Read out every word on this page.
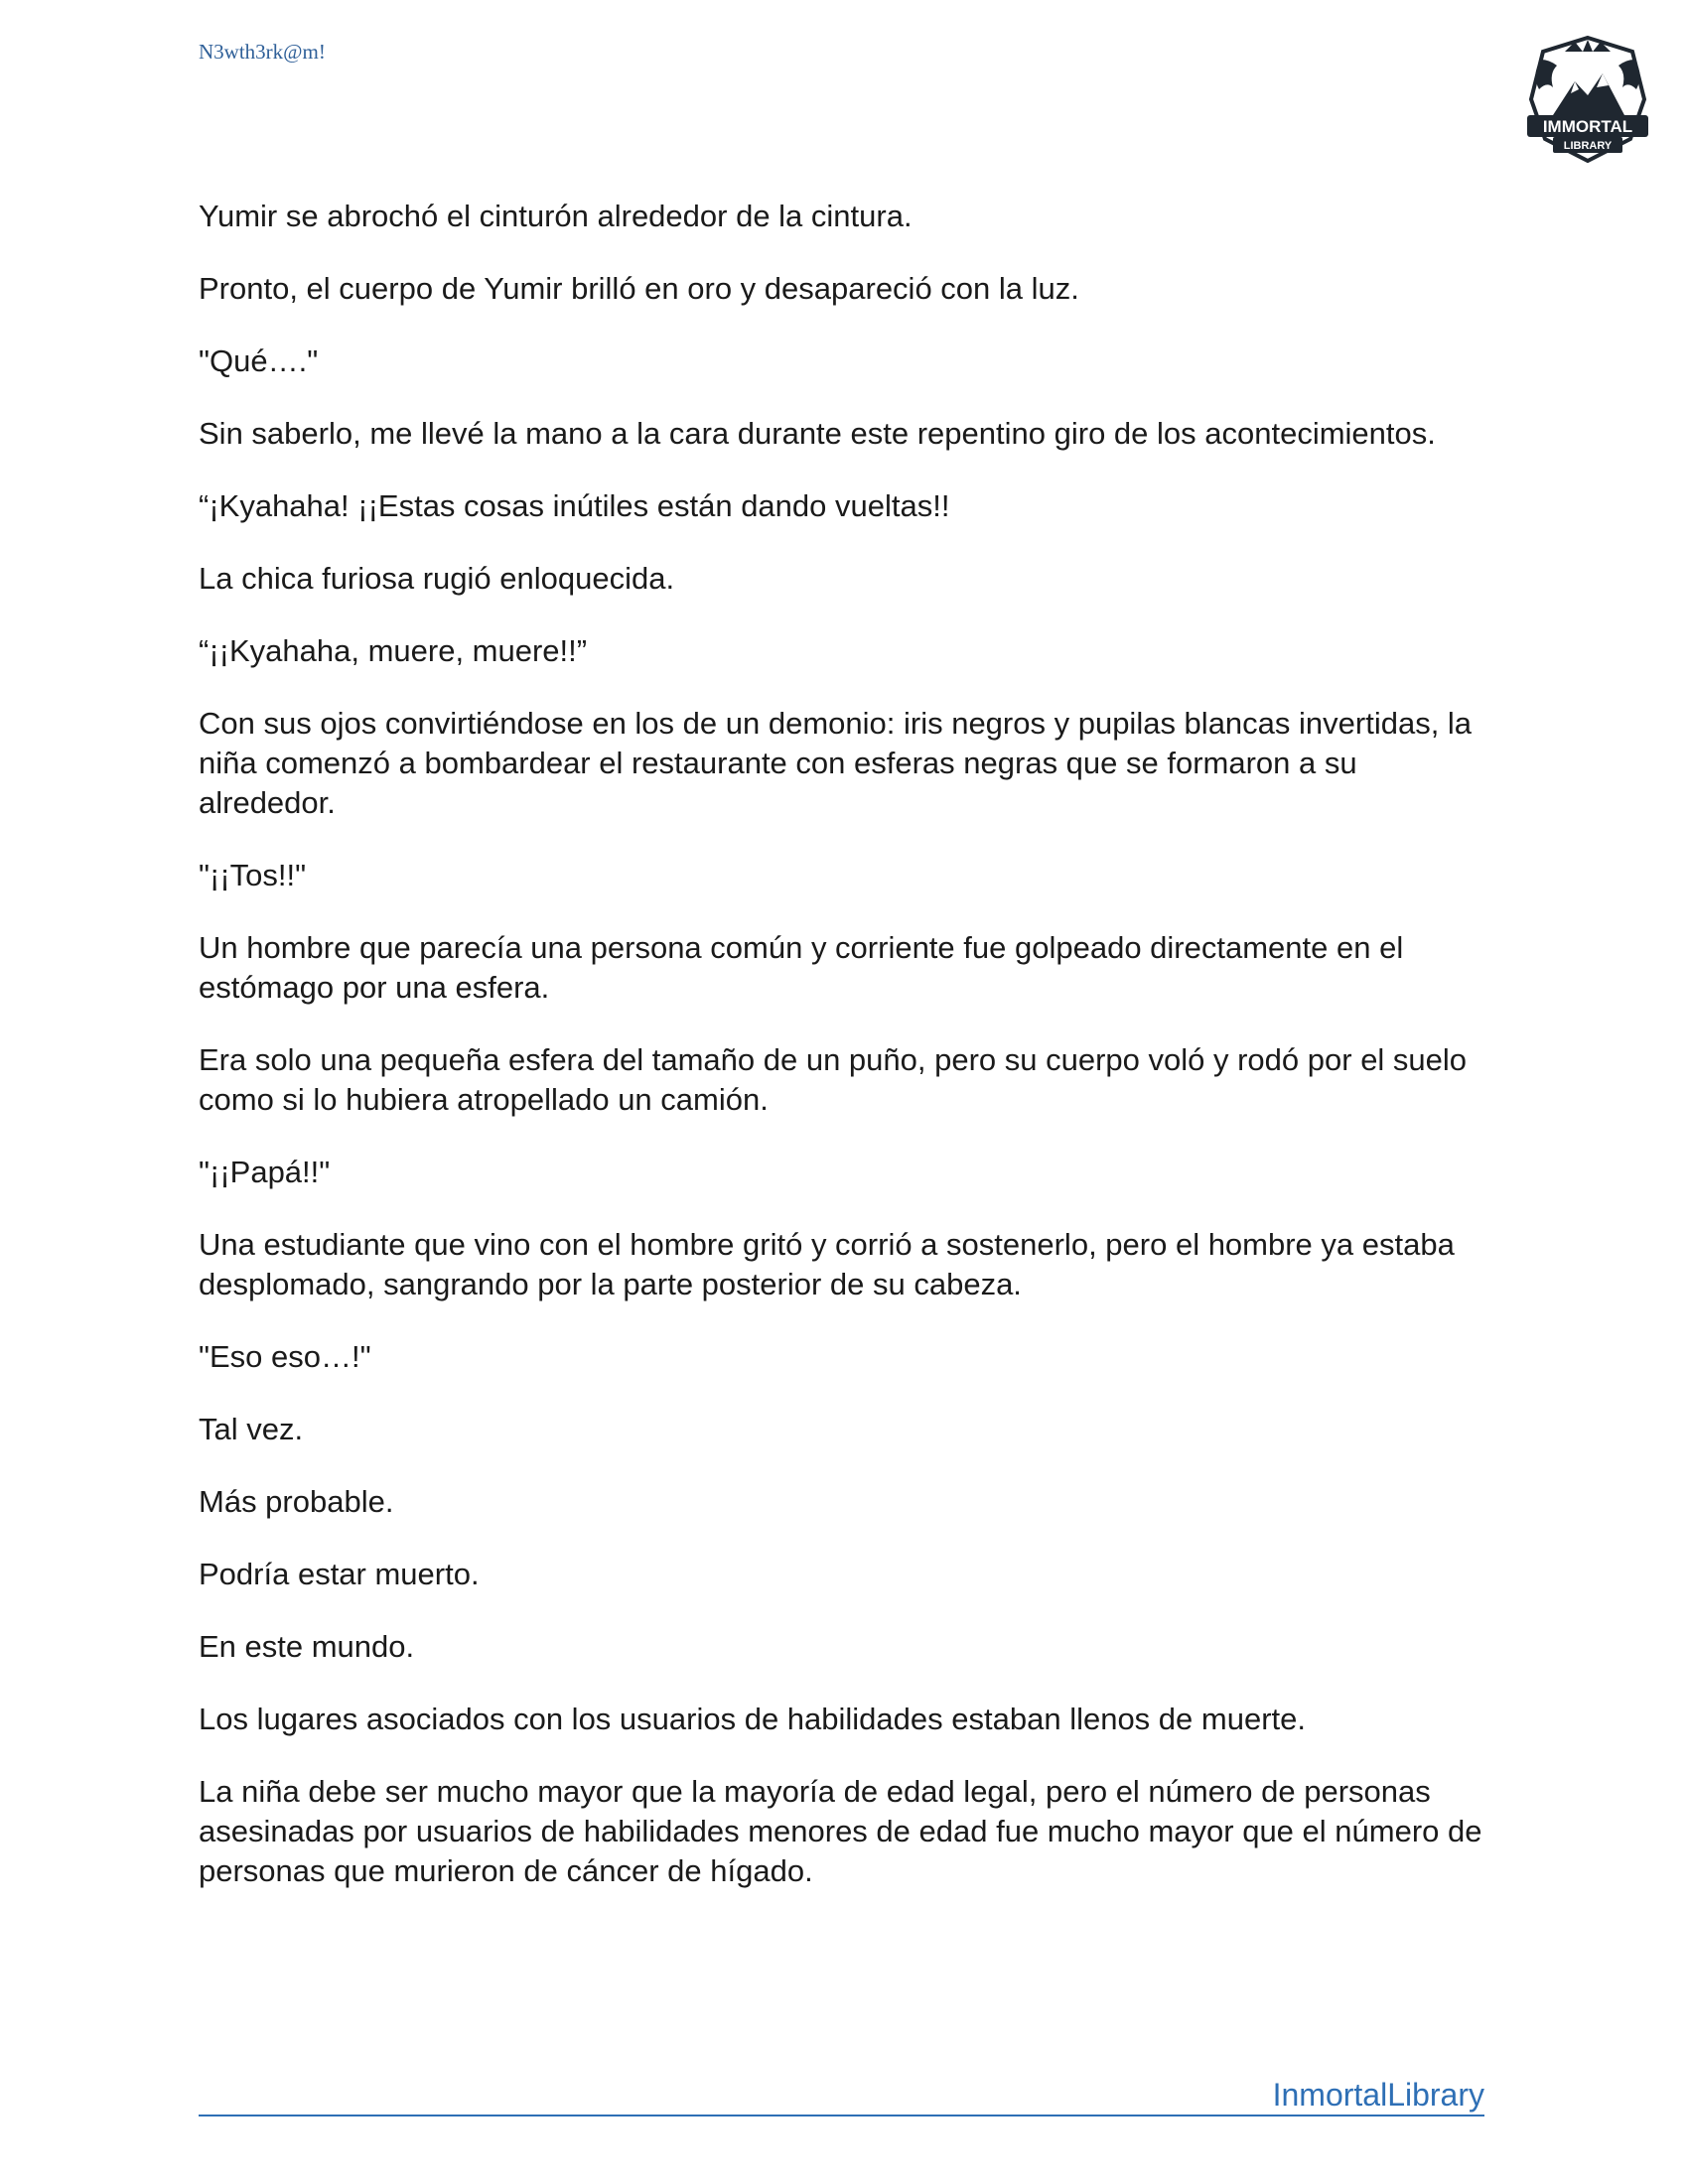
N3wth3rk@m!
IMMORTAL
LIBRARY

Yumir se abrochó el cinturón alrededor de la cintura.

Pronto, el cuerpo de Yumir brilló en oro y desapareció con la luz.

"Qué…."

Sin saberlo, me llevé la mano a la cara durante este repentino giro de los acontecimientos.

“¡Kyahaha! ¡¡Estas cosas inútiles están dando vueltas!!

La chica furiosa rugió enloquecida.

“¡¡Kyahaha, muere, muere!!”

Con sus ojos convirtiéndose en los de un demonio: iris negros y pupilas blancas invertidas, la niña comenzó a bombardear el restaurante con esferas negras que se formaron a su alrededor.

"¡¡Tos!!"

Un hombre que parecía una persona común y corriente fue golpeado directamente en el estómago por una esfera.

Era solo una pequeña esfera del tamaño de un puño, pero su cuerpo voló y rodó por el suelo como si lo hubiera atropellado un camión.

"¡¡Papá!!"

Una estudiante que vino con el hombre gritó y corrió a sostenerlo, pero el hombre ya estaba desplomado, sangrando por la parte posterior de su cabeza.

"Eso eso…!"

Tal vez.

Más probable.

Podría estar muerto.

En este mundo.

Los lugares asociados con los usuarios de habilidades estaban llenos de muerte.

La niña debe ser mucho mayor que la mayoría de edad legal, pero el número de personas asesinadas por usuarios de habilidades menores de edad fue mucho mayor que el número de personas que murieron de cáncer de hígado.

InmortalLibrary
